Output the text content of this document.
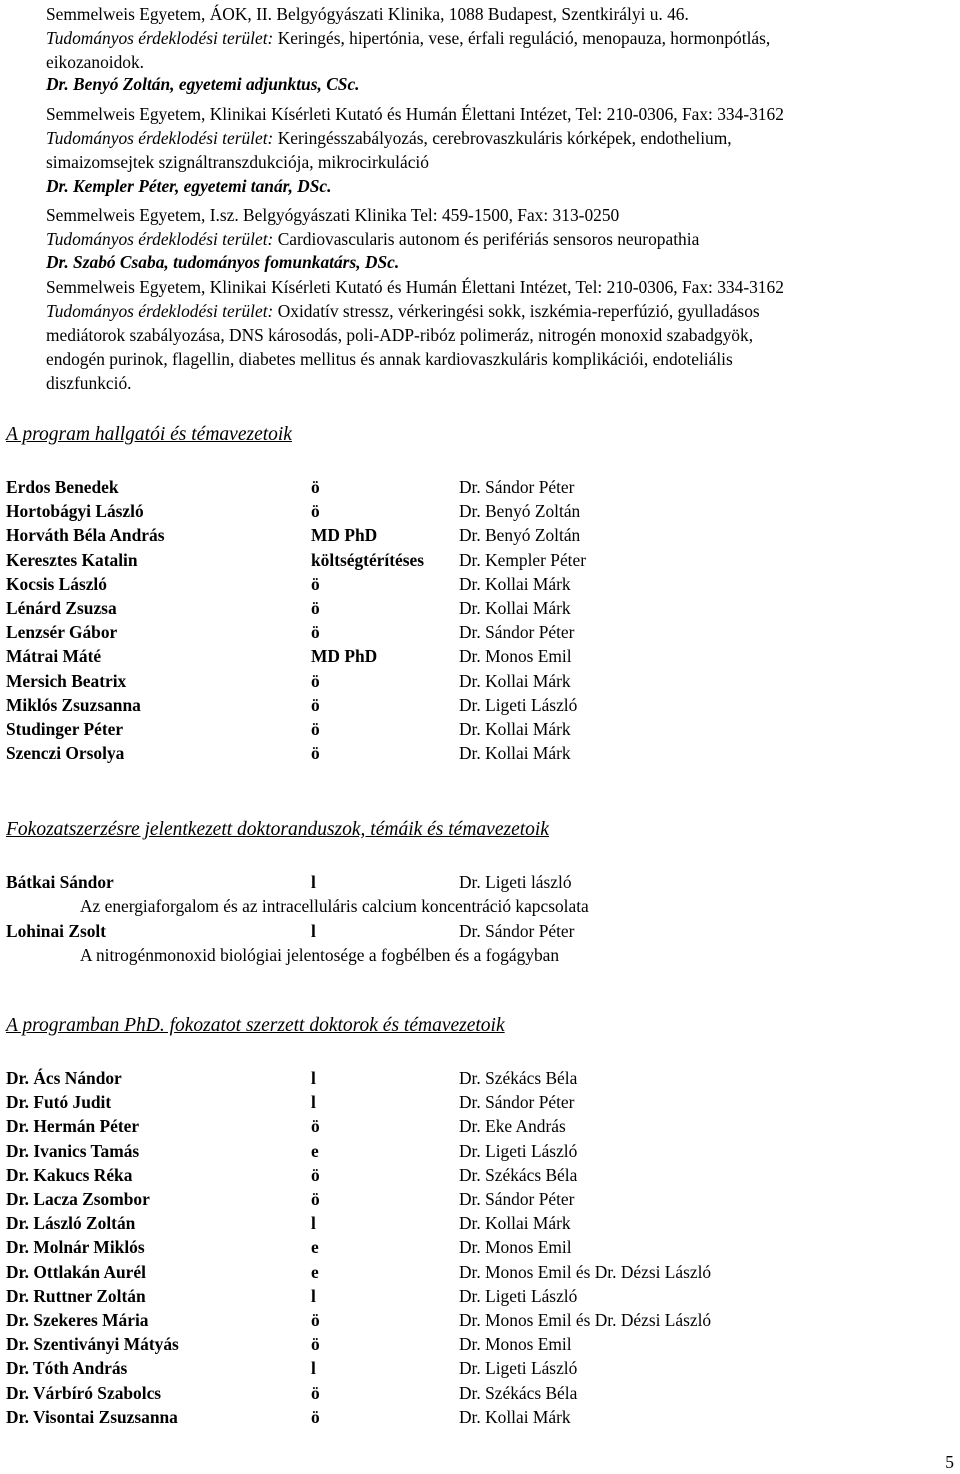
Semmelweis Egyetem, ÁOK, II. Belgyógyászati Klinika, 1088 Budapest, Szentkirályi u. 46.
Tudományos érdeklodési terület: Keringés, hipertónia, vese, érfali reguláció, menopauza, hormonpótlás,
eikozanoidok.
Dr. Benyó Zoltán, egyetemi adjunktus, CSc.
Semmelweis Egyetem, Klinikai Kísérleti Kutató és Humán Élettani Intézet, Tel: 210-0306, Fax: 334-3162
Tudományos érdeklodési terület: Keringésszabályozás, cerebrovaszkuláris kórképek, endothelium,
simaizomsejtek szignáltranszdukciója, mikrocirkuláció
Dr. Kempler Péter, egyetemi tanár, DSc.
Semmelweis Egyetem, I.sz. Belgyógyászati Klinika Tel: 459-1500, Fax: 313-0250
Tudományos érdeklodési terület: Cardiovascularis autonom és perifériás sensoros neuropathia
Dr. Szabó Csaba, tudományos fomunkatárs, DSc.
Semmelweis Egyetem, Klinikai Kísérleti Kutató és Humán Élettani Intézet, Tel: 210-0306, Fax: 334-3162
Tudományos érdeklodési terület: Oxidatív stressz, vérkeringési sokk, iszkémia-reperfúzió, gyulladásos
mediátorok szabályozása, DNS károsodás, poli-ADP-ribóz polimeráz, nitrogén monoxid szabadgyök,
endogén purinok, flagellin, diabetes mellitus és annak kardiovaszkuláris komplikációi, endoteliális
diszfunkció.
A program hallgatói és témavezetoik
Erdos Benedek	ö	Dr. Sándor Péter
Hortobágyi László	ö	Dr. Benyó Zoltán
Horváth Béla András	MD PhD	Dr. Benyó Zoltán
Keresztes Katalin	költségtérítéses Dr. Kempler Péter
Kocsis László	ö	Dr. Kollai Márk
Lénárd Zsuzsa	ö	Dr. Kollai Márk
Lenzsér Gábor	ö	Dr. Sándor Péter
Mátrai Máté	MD PhD	Dr. Monos Emil
Mersich Beatrix	ö	Dr. Kollai Márk
Miklós Zsuzsanna	ö	Dr. Ligeti László
Studinger Péter	ö	Dr. Kollai Márk
Szenczi Orsolya	ö	Dr. Kollai Márk
Fokozatszerzésre jelentkezett doktoranduszok, témáik és témavezetoik
Bátkai Sándor	l	Dr. Ligeti lászló
Az energiaforgalom és az intracelluláris calcium koncentráció kapcsolata
Lohinai Zsolt	l	Dr. Sándor Péter
A nitrogénmonoxid biológiai jelentosége a fogbélben és a fogágyban
A programban PhD. fokozatot szerzett doktorok és témavezetoik
Dr. Ács Nándor	l	Dr. Székács Béla
Dr. Futó Judit	l	Dr. Sándor Péter
Dr. Hermán Péter	ö	Dr. Eke András
Dr. Ivanics Tamás	e	Dr. Ligeti László
Dr. Kakucs Réka	ö	Dr. Székács Béla
Dr. Lacza Zsombor	ö	Dr. Sándor Péter
Dr. László Zoltán	l	Dr. Kollai Márk
Dr. Molnár Miklós	e	Dr. Monos Emil
Dr. Ottlakán Aurél	e	Dr. Monos Emil és Dr. Dézsi László
Dr. Ruttner Zoltán	l	Dr. Ligeti László
Dr. Szekeres Mária	ö	Dr. Monos Emil és Dr. Dézsi László
Dr. Szentiványi Mátyás	ö	Dr. Monos Emil
Dr. Tóth András	l	Dr. Ligeti László
Dr. Várbíró Szabolcs	ö	Dr. Székács Béla
Dr. Visontai Zsuzsanna	ö	Dr. Kollai Márk
5
